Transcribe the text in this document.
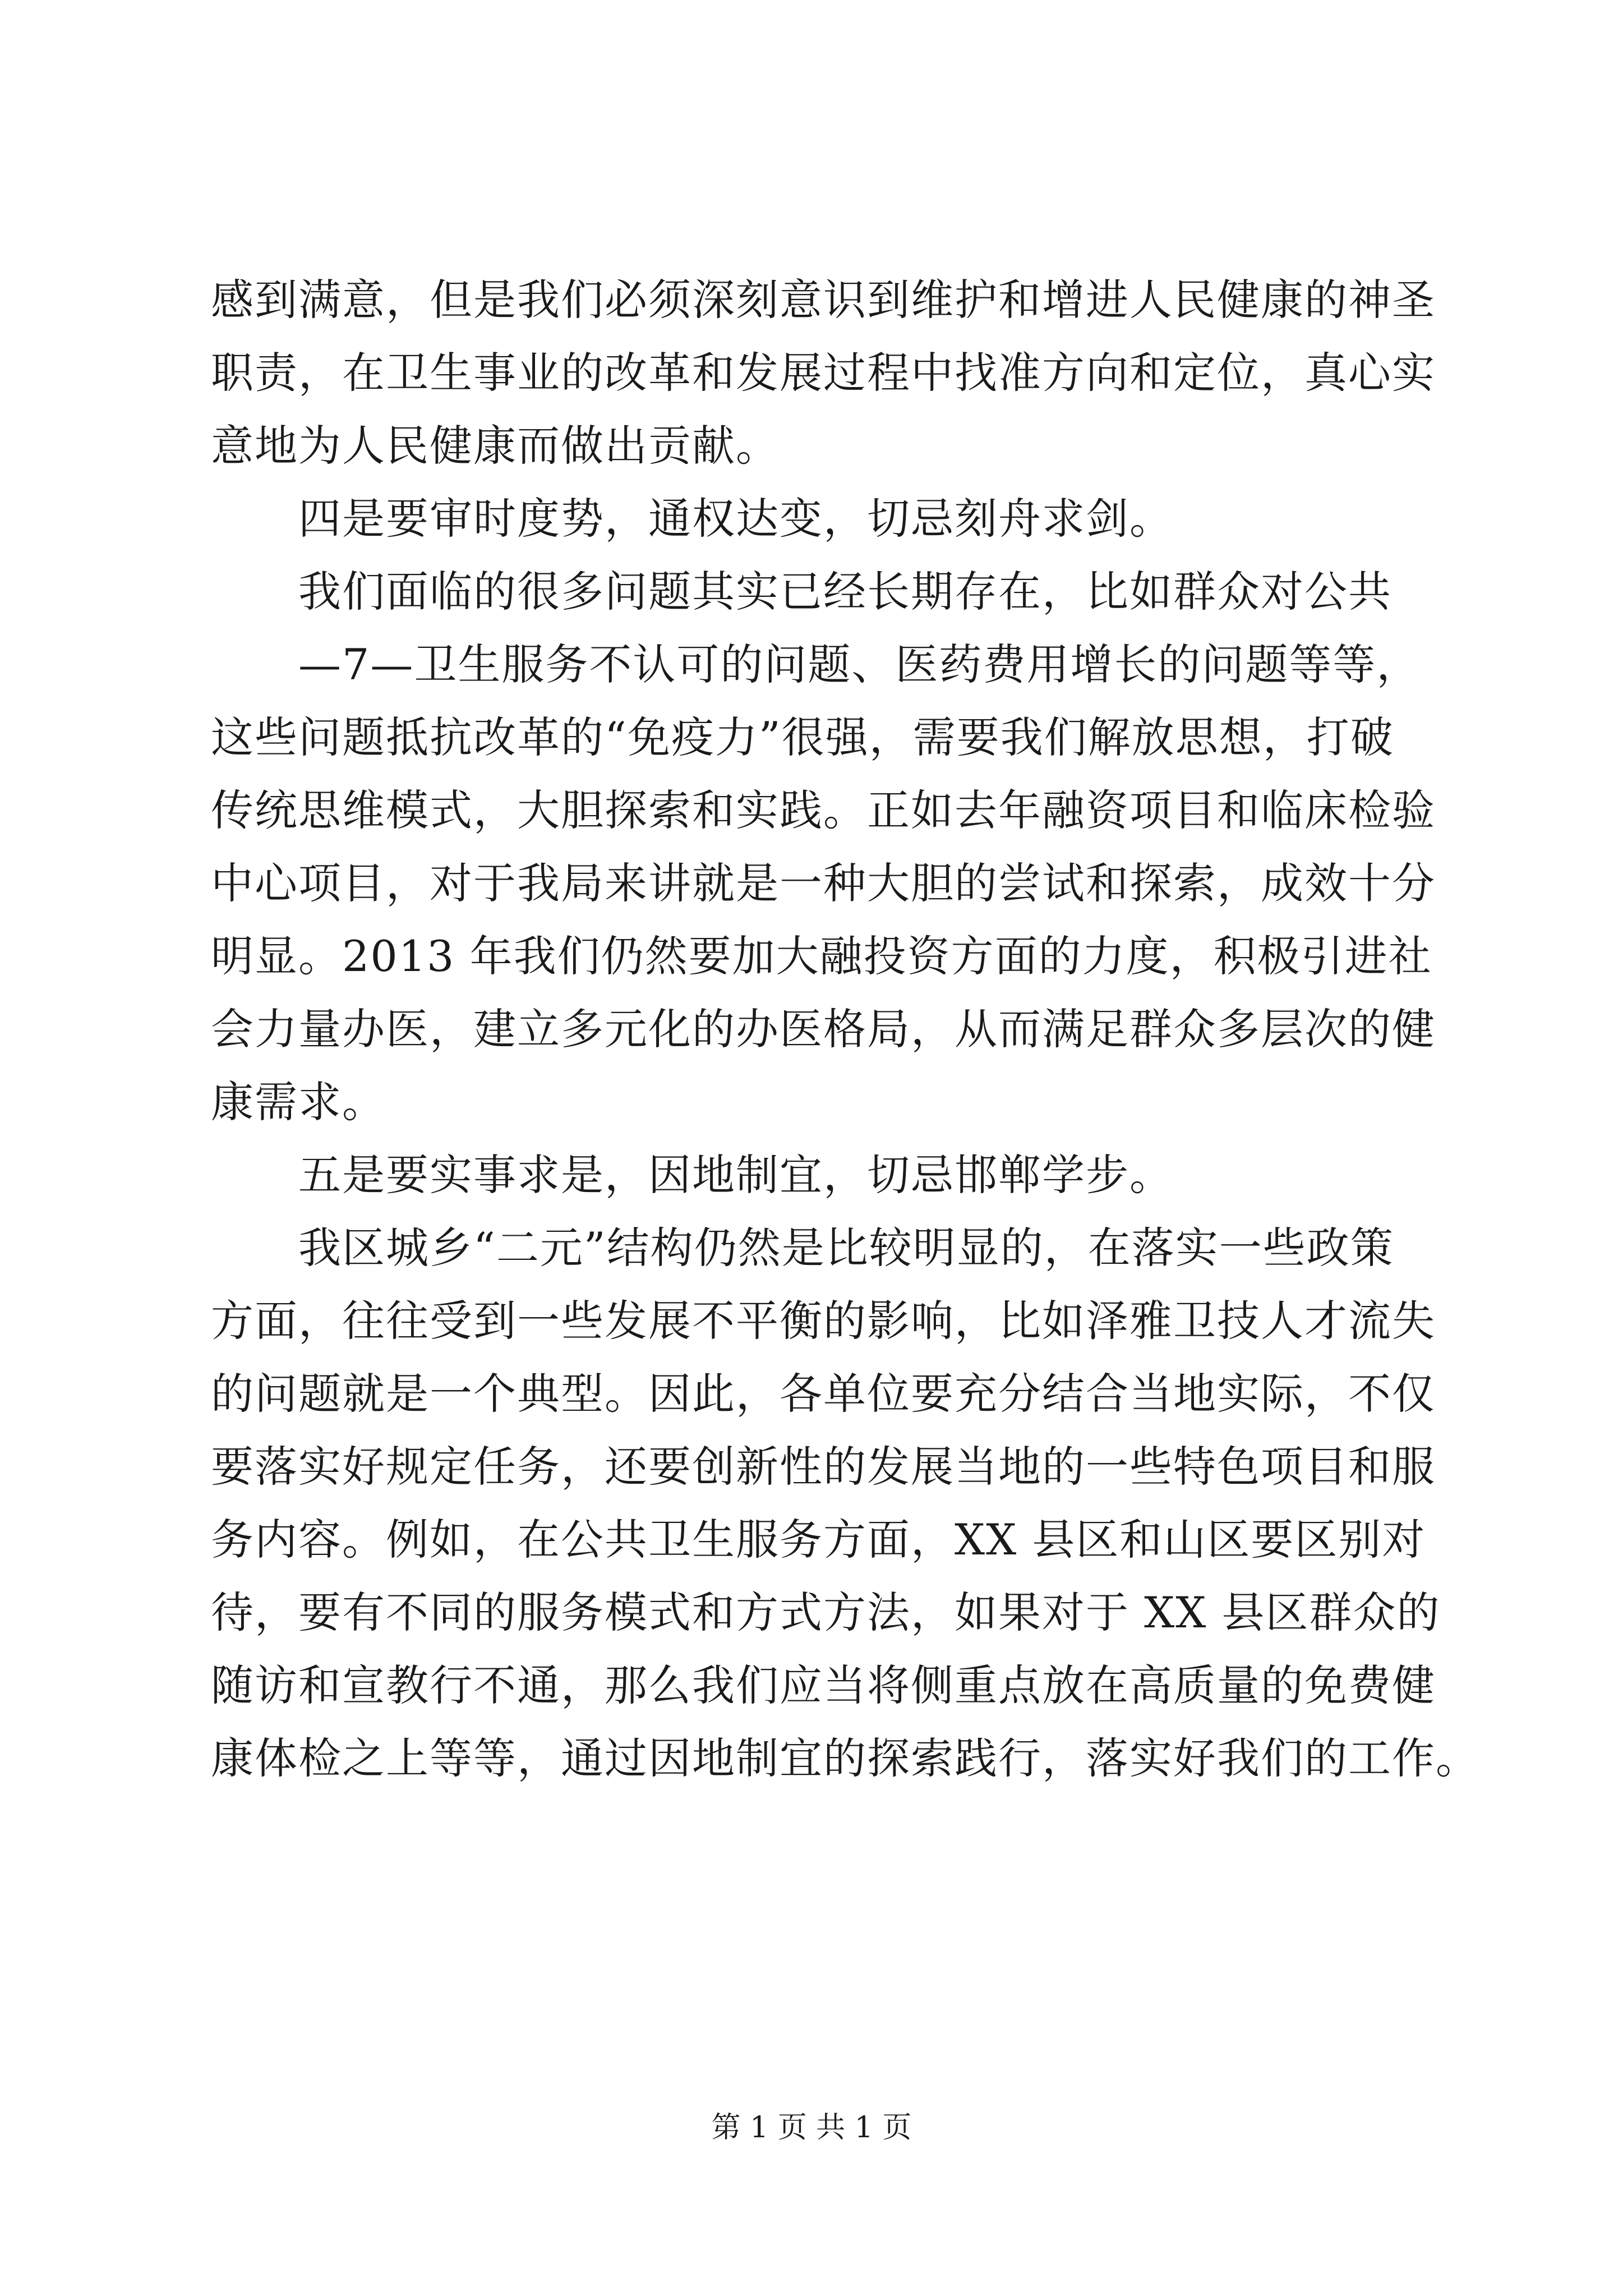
感到满意，但是我们必须深刻意识到维护和增进人民健康的神圣
职责，在卫生事业的改革和发展过程中找准方向和定位，真心实
意地为人民健康而做出贡献。
四是要审时度势，通权达变，切忌刻舟求剑。
我们面临的很多问题其实已经长期存在，比如群众对公共
—7—卫生服务不认可的问题、医药费用增长的问题等等，
这些问题抵抗改革的“免疫力”很强，需要我们解放思想，打破
传统思维模式，大胆探索和实践。正如去年融资项目和临床检验
中心项目，对于我局来讲就是一种大胆的尝试和探索，成效十分
明显。2013 年我们仍然要加大融投资方面的力度，积极引进社
会力量办医，建立多元化的办医格局，从而满足群众多层次的健
康需求。
五是要实事求是，因地制宜，切忌邯郸学步。
我区城乡“二元”结构仍然是比较明显的，在落实一些政策
方面，往往受到一些发展不平衡的影响，比如泽雅卫技人才流失
的问题就是一个典型。因此，各单位要充分结合当地实际，不仅
要落实好规定任务，还要创新性的发展当地的一些特色项目和服
务内容。例如，在公共卫生服务方面，XX 县区和山区要区别对
待，要有不同的服务模式和方式方法，如果对于 XX 县区群众的
随访和宣教行不通，那么我们应当将侧重点放在高质量的免费健
康体检之上等等，通过因地制宜的探索践行，落实好我们的工作。
第 1 页 共 1 页
